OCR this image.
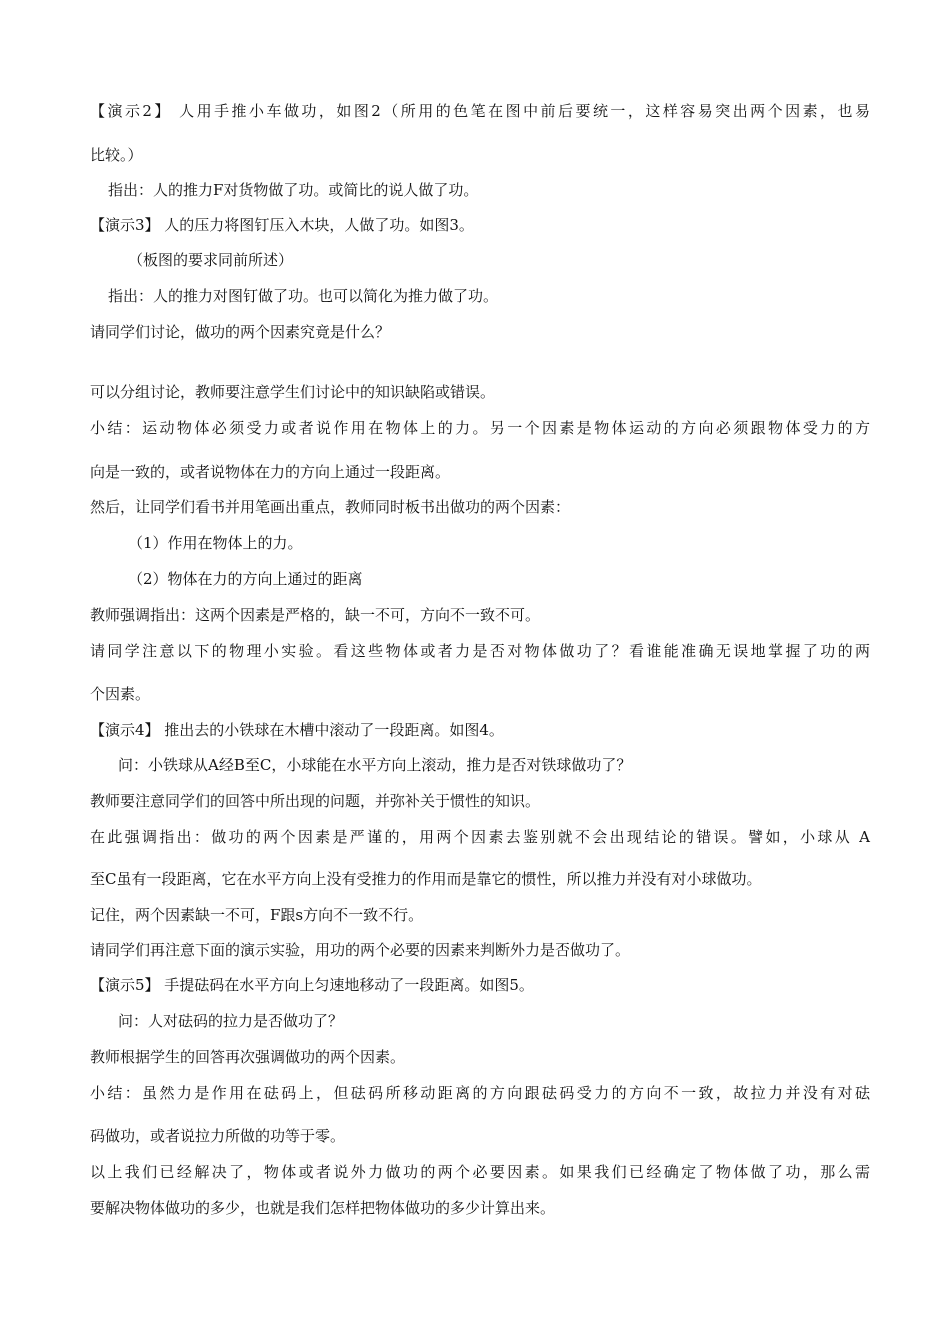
【演示2】 人用手推小车做功，如图2（所用的色笔在图中前后要统一，这样容易突出两个因素，也易
比较。）
指出：人的推力F对货物做了功。或简比的说人做了功。
【演示3】 人的压力将图钉压入木块，人做了功。如图3。
（板图的要求同前所述）
指出：人的推力对图钉做了功。也可以简化为推力做了功。
请同学们讨论，做功的两个因素究竟是什么？
可以分组讨论，教师要注意学生们讨论中的知识缺陷或错误。
小结：运动物体必须受力或者说作用在物体上的力。另一个因素是物体运动的方向必须跟物体受力的方
向是一致的，或者说物体在力的方向上通过一段距离。
然后，让同学们看书并用笔画出重点，教师同时板书出做功的两个因素：
（1）作用在物体上的力。
（2）物体在力的方向上通过的距离
教师强调指出：这两个因素是严格的，缺一不可，方向不一致不可。
请同学注意以下的物理小实验。看这些物体或者力是否对物体做功了？看谁能准确无误地掌握了功的两
个因素。
【演示4】 推出去的小铁球在木槽中滚动了一段距离。如图4。
问：小铁球从A经B至C，小球能在水平方向上滚动，推力是否对铁球做功了？
教师要注意同学们的回答中所出现的问题，并弥补关于惯性的知识。
在此强调指出：做功的两个因素是严谨的，用两个因素去鉴别就不会出现结论的错误。譬如，小球从 A
至C虽有一段距离，它在水平方向上没有受推力的作用而是靠它的惯性，所以推力并没有对小球做功。
记住，两个因素缺一不可，F跟s方向不一致不行。
请同学们再注意下面的演示实验，用功的两个必要的因素来判断外力是否做功了。
【演示5】 手提砝码在水平方向上匀速地移动了一段距离。如图5。
问：人对砝码的拉力是否做功了？
教师根据学生的回答再次强调做功的两个因素。
小结：虽然力是作用在砝码上，但砝码所移动距离的方向跟砝码受力的方向不一致，故拉力并没有对砝
码做功，或者说拉力所做的功等于零。
以上我们已经解决了，物体或者说外力做功的两个必要因素。如果我们已经确定了物体做了功，那么需
要解决物体做功的多少，也就是我们怎样把物体做功的多少计算出来。
